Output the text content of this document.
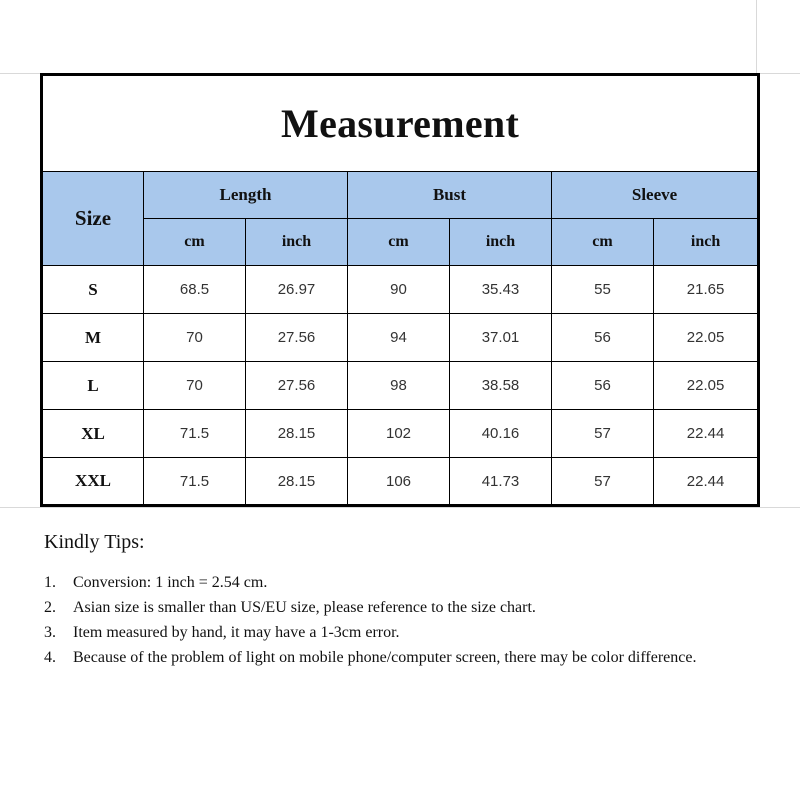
Measurement						
Size	Length		Bust		Sleeve	
	cm	inch	cm	inch	cm	inch
S	68.5	26.97	90	35.43	55	21.65
M	70	27.56	94	37.01	56	22.05
L	70	27.56	98	38.58	56	22.05
XL	71.5	28.15	102	40.16	57	22.44
XXL	71.5	28.15	106	41.73	57	22.44
Kindly Tips:
1. Conversion: 1 inch = 2.54 cm.
2. Asian size is smaller than US/EU size, please reference to the size chart.
3. Item measured by hand, it may have a 1-3cm error.
4. Because of the problem of light on mobile phone/computer screen, there may be color difference.
